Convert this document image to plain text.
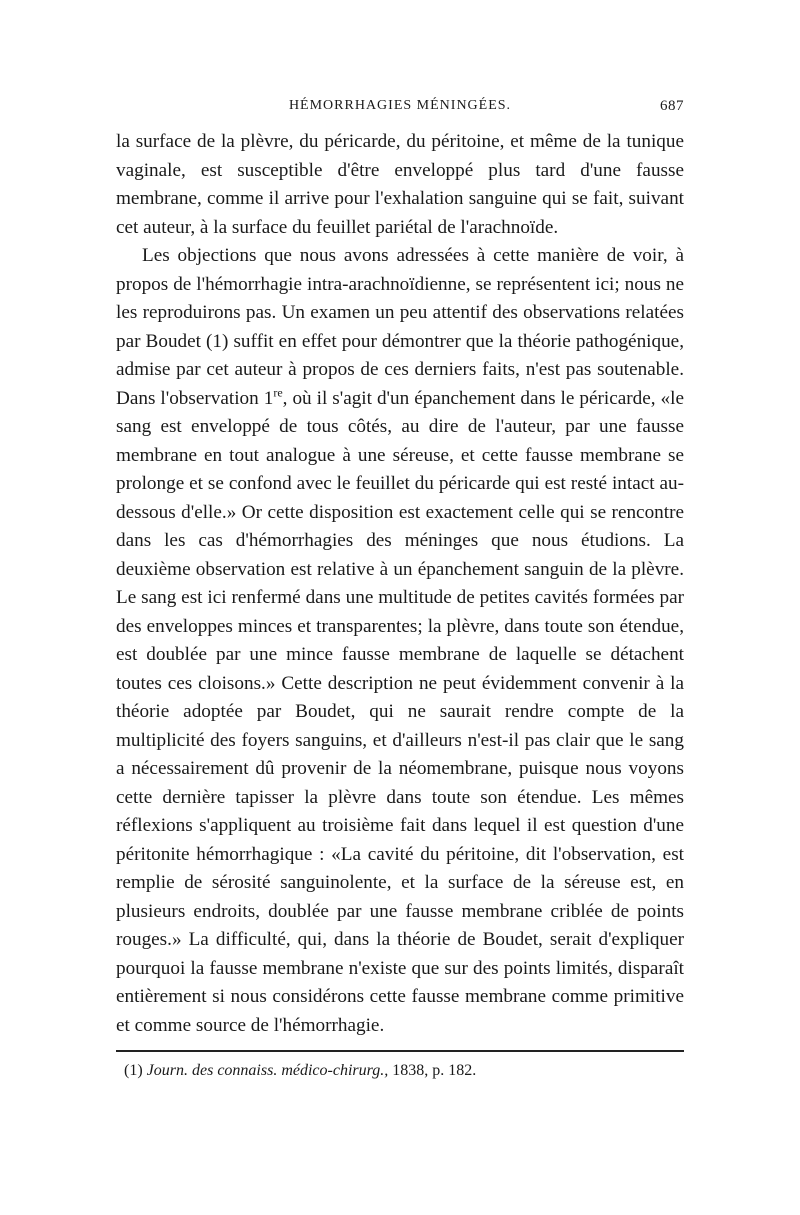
HÉMORRHAGIES MÉNINGÉES.	687

la surface de la plèvre, du péricarde, du péritoine, et même de la tunique vaginale, est susceptible d'être enveloppé plus tard d'une fausse membrane, comme il arrive pour l'exhalation sanguine qui se fait, suivant cet auteur, à la surface du feuillet pariétal de l'arachnoïde.

Les objections que nous avons adressées à cette manière de voir, à propos de l'hémorrhagie intra-arachnoïdienne, se représentent ici; nous ne les reproduirons pas. Un examen un peu attentif des observations relatées par Boudet (1) suffit en effet pour démontrer que la théorie pathogénique, admise par cet auteur à propos de ces derniers faits, n'est pas soutenable. Dans l'observation 1re, où il s'agit d'un épanchement dans le péricarde, «le sang est enveloppé de tous côtés, au dire de l'auteur, par une fausse membrane en tout analogue à une séreuse, et cette fausse membrane se prolonge et se confond avec le feuillet du péricarde qui est resté intact au-dessous d'elle.» Or cette disposition est exactement celle qui se rencontre dans les cas d'hémorrhagies des méninges que nous étudions. La deuxième observation est relative à un épanchement sanguin de la plèvre. Le sang est ici renfermé dans une multitude de petites cavités formées par des enveloppes minces et transparentes; la plèvre, dans toute son étendue, est doublée par une mince fausse membrane de laquelle se détachent toutes ces cloisons.» Cette description ne peut évidemment convenir à la théorie adoptée par Boudet, qui ne saurait rendre compte de la multiplicité des foyers sanguins, et d'ailleurs n'est-il pas clair que le sang a nécessairement dû provenir de la néomembrane, puisque nous voyons cette dernière tapisser la plèvre dans toute son étendue. Les mêmes réflexions s'appliquent au troisième fait dans lequel il est question d'une péritonite hémorrhagique : «La cavité du péritoine, dit l'observation, est remplie de sérosité sanguinolente, et la surface de la séreuse est, en plusieurs endroits, doublée par une fausse membrane criblée de points rouges.» La difficulté, qui, dans la théorie de Boudet, serait d'expliquer pourquoi la fausse membrane n'existe que sur des points limités, disparaît entièrement si nous considérons cette fausse membrane comme primitive et comme source de l'hémorrhagie.

(1) Journ. des connaiss. médico-chirurg., 1838, p. 182.
